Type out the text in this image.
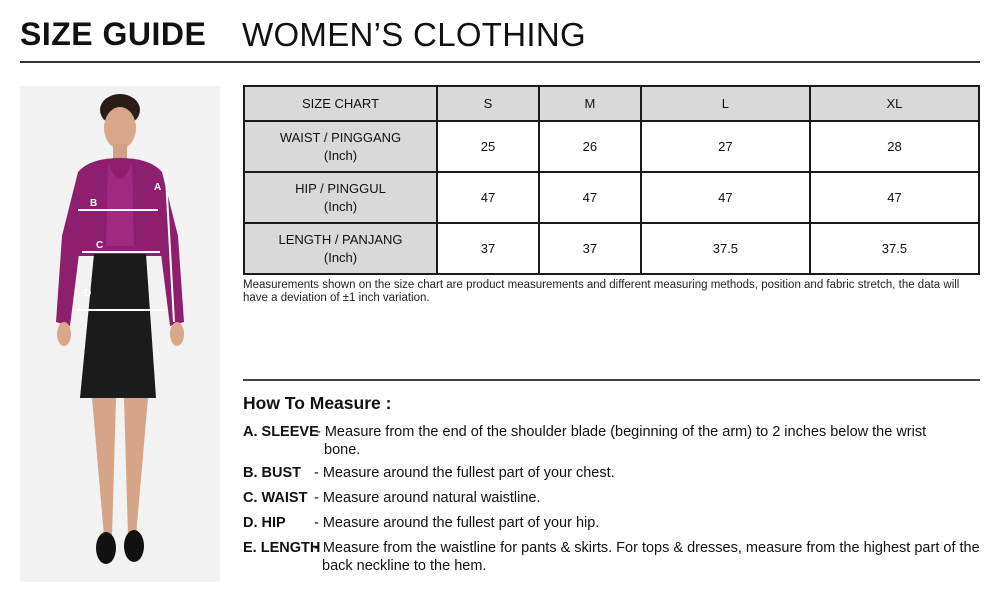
SIZE GUIDE WOMEN’S CLOTHING
B
C
D
A
SIZE CHART	S	M	L	XL

WAIST / PINGGANG
(Inch)	25	26	27	28

HIP / PINGGUL
(Inch)	47	47	47	47

LENGTH / PANJANG
(Inch)	37	37	37.5	37.5
Measurements shown on the size chart are product measurements and different measuring methods, position and fabric stretch, the data will have a deviation of ±1 inch variation.
How To Measure :
A. SLEEVE
- Measure from the end of the shoulder blade (beginning of the arm) to 2 inches below the wrist bone.
B. BUST - Measure around the fullest part of your chest.
C. WAIST - Measure around natural waistline.
D. HIP - Measure around the fullest part of your hip.
E. LENGTH
- Measure from the waistline for pants & skirts. For tops & dresses, measure from the highest part of the back neckline to the hem.
